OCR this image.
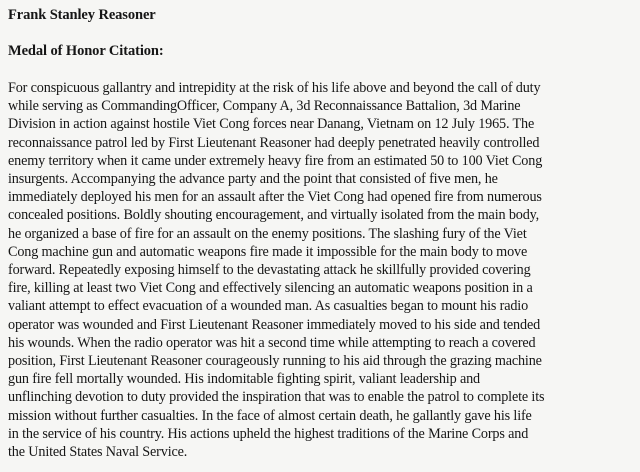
Frank Stanley Reasoner

Medal of Honor Citation:

For conspicuous gallantry and intrepidity at the risk of his life above and beyond the call of duty
while serving as CommandingOfficer, Company A, 3d Reconnaissance Battalion, 3d Marine
Division in action against hostile Viet Cong forces near Danang, Vietnam on 12 July 1965. The
reconnaissance patrol led by First Lieutenant Reasoner had deeply penetrated heavily controlled
enemy territory when it came under extremely heavy fire from an estimated 50 to 100 Viet Cong
insurgents. Accompanying the advance party and the point that consisted of five men, he
immediately deployed his men for an assault after the Viet Cong had opened fire from numerous
concealed positions. Boldly shouting encouragement, and virtually isolated from the main body,
he organized a base of fire for an assault on the enemy positions. The slashing fury of the Viet
Cong machine gun and automatic weapons fire made it impossible for the main body to move
forward. Repeatedly exposing himself to the devastating attack he skillfully provided covering
fire, killing at least two Viet Cong and effectively silencing an automatic weapons position in a
valiant attempt to effect evacuation of a wounded man. As casualties began to mount his radio
operator was wounded and First Lieutenant Reasoner immediately moved to his side and tended
his wounds. When the radio operator was hit a second time while attempting to reach a covered
position, First Lieutenant Reasoner courageously running to his aid through the grazing machine
gun fire fell mortally wounded. His indomitable fighting spirit, valiant leadership and
unflinching devotion to duty provided the inspiration that was to enable the patrol to complete its
mission without further casualties. In the face of almost certain death, he gallantly gave his life
in the service of his country. His actions upheld the highest traditions of the Marine Corps and
the United States Naval Service.
